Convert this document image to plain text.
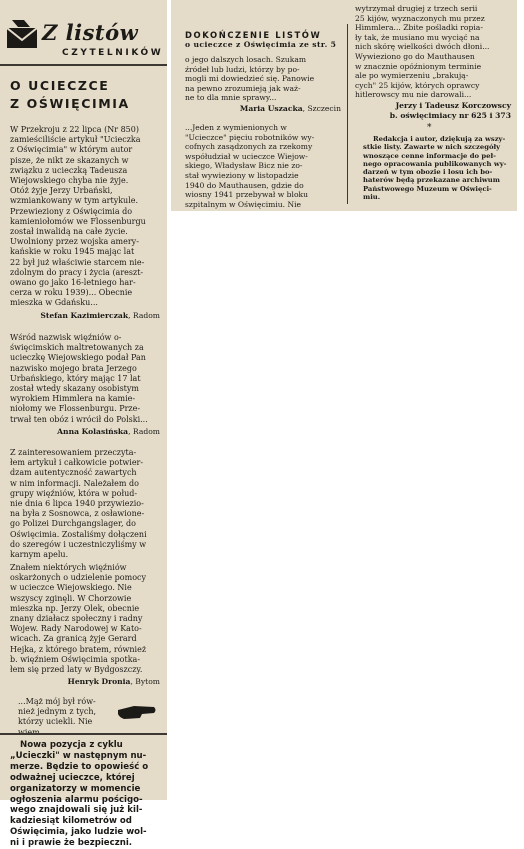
Z listów
CZYTELNIKÓW
O UCIECZCE
Z OŚWIĘCIMIA
W Przekroju z 22 lipca (Nr 850)
zamieściliście artykuł "Ucieczka
z Oświęcimia" w którym autor
pisze, że nikt ze skazanych w
związku z ucieczką Tadeusza
Wiejowskiego chyba nie żyje.
Otóż żyje Jerzy Urbański,
wzmiankowany w tym artykule.
Przewieziony z Oświęcimia do
kamieniołomów we Flossenburgu
został inwalidą na całe życie.
Uwolniony przez wojska amery-
kańskie w roku 1945 mając lat
22 był już właściwie starcem nie-
zdolnym do pracy i życia (areszt-
owano go jako 16-letniego har-
cerza w roku 1939)... Obecnie
mieszka w Gdańsku...
Stefan Kazimierczak, Radom
Wśród nazwisk więźniów o-
święcimskich maltretowanych za
ucieczkę Wiejowskiego podał Pan
nazwisko mojego brata Jerzego
Urbańskiego, który mając 17 lat
został wtedy skazany osobistym
wyrokiem Himmlera na kamie-
niołomy we Flossenburgu. Prze-
trwał ten obóz i wrócił do Polski...
Anna Kolasińska, Radom
Z zainteresowaniem przeczyta-
łem artykuł i całkowicie potwier-
dzam autentyczność zawartych
w nim informacji. Należałem do
grupy więźniów, która w połud-
nie dnia 6 lipca 1940 przywiezio-
na była z Sosnowca, z osławione-
go Polizei Durchgangslager, do
Oświęcimia. Zostaliśmy dołączeni
do szeregów i uczestniczyliśmy w
karnym apelu.
Znałem niektórych więźniów
oskarżonych o udzielenie pomocy
w ucieczce Wiejowskiego. Nie
wszyscy zginęli. W Chorzowie
mieszka np. Jerzy Olek, obecnie
znany działacz społeczny i radny
Wojew. Rady Narodowej w Kato-
wicach. Za granicą żyje Gerard
Hejka, z którego bratem, również
b. więźniem Oświęcimia spotka-
łem się przed laty w Bydgoszczy.
Henryk Dronia, Bytom
...Mąż mój był rów-
nież jednym z tych,
którzy uciekli. Nie
Nowa pozycja z cyklu
„Ucieczki" w następnym nu-
merze. Będzie to opowieść o
odważnej ucieczce, której
organizatorzy w momencie
ogłoszenia alarmu pościgo-
wego znajdowali się już kil-
kadziesiąt kilometrów od
Oświęcimia, jako ludzie wol-
ni i prawie że bezpieczni.
DOKOŃCZENIE LISTÓW
o ucieczce z Oświęcimia ze str. 5
o jego dalszych losach. Szukam
źródeł lub ludzi, którzy by po-
mogli mi dowiedzieć się. Panowie
na pewno zrozumieją jak waż-
ne to dla mnie sprawy...
Maria Uszacka, Szczecin
...Jeden z wymienionych w
"Ucieczce" pięciu robotników wy-
cofnych zasądzonych za rzekomy
współudział w ucieczce Wiejow-
skiego, Władysław Bicz nie zo-
stał wywieziony w listopadzie
1940 do Mauthausen, gdzie do
wiosny 1941 przebywał w bloku
szpitalnym w Oświęcimiu. Nie
wytrzymał drugiej z trzech serii
25 kijów, wyznaczonych mu przez
Himmlera... Zbite pośladki ropia-
ły tak, że musiano mu wyciąć na
nich skórę wielkości dwóch dłoni...
Wywieziono go do Mauthausen
w znacznie opóźnionym terminie
ale po wymierzeniu „brakują-
cych" 25 kijów, których oprawcy
hitlerowscy mu nie darowali...
Jerzy i Tadeusz Korczowscy
b. oświęcimiacy nr 625 i 373
*
Redakcja i autor, dziękują za wszy-
stkie listy. Zawarte w nich szczegóły
wnoszące cenne informacje do peł-
nego opracowania publikowanych wy-
darzeń w tym obozie i losu ich bo-
haterów będą przekazane archiwum
Państwowego Muzeum w Oświęci-
miu.
